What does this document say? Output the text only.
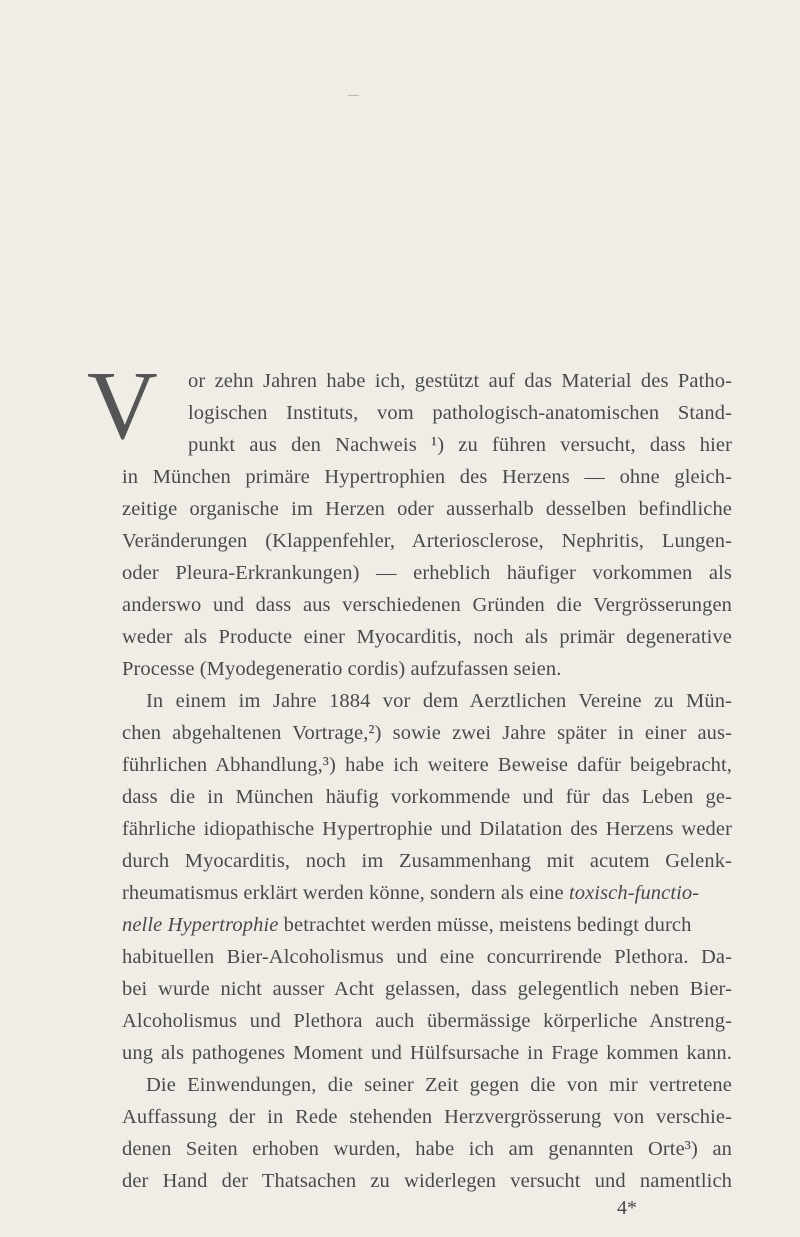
—
V or zehn Jahren habe ich, gestützt auf das Material des Patho-
logischen Instituts, vom pathologisch-anatomischen Stand-
punkt aus den Nachweis ¹) zu führen versucht, dass hier
in München primäre Hypertrophien des Herzens — ohne gleich-
zeitige organische im Herzen oder ausserhalb desselben befindliche
Veränderungen (Klappenfehler, Arteriosclerose, Nephritis, Lungen-
oder Pleura-Erkrankungen) — erheblich häufiger vorkommen als
anderswo und dass aus verschiedenen Gründen die Vergrösserungen
weder als Producte einer Myocarditis, noch als primär degenerative
Processe (Myodegeneratio cordis) aufzufassen seien.
In einem im Jahre 1884 vor dem Aerztlichen Vereine zu Mün-
chen abgehaltenen Vortrage,²) sowie zwei Jahre später in einer aus-
führlichen Abhandlung,³) habe ich weitere Beweise dafür beigebracht,
dass die in München häufig vorkommende und für das Leben ge-
fährliche idiopathische Hypertrophie und Dilatation des Herzens weder
durch Myocarditis, noch im Zusammenhang mit acutem Gelenk-
rheumatismus erklärt werden könne, sondern als eine toxisch-functio-
nelle Hypertrophie betrachtet werden müsse, meistens bedingt durch
habituellen Bier-Alcoholismus und eine concurrirende Plethora. Da-
bei wurde nicht ausser Acht gelassen, dass gelegentlich neben Bier-
Alcoholismus und Plethora auch übermässige körperliche Anstreng-
ung als pathogenes Moment und Hülfsursache in Frage kommen kann.
Die Einwendungen, die seiner Zeit gegen die von mir vertretene
Auffassung der in Rede stehenden Herzvergrösserung von verschie-
denen Seiten erhoben wurden, habe ich am genannten Orte³) an
der Hand der Thatsachen zu widerlegen versucht und namentlich
4*
